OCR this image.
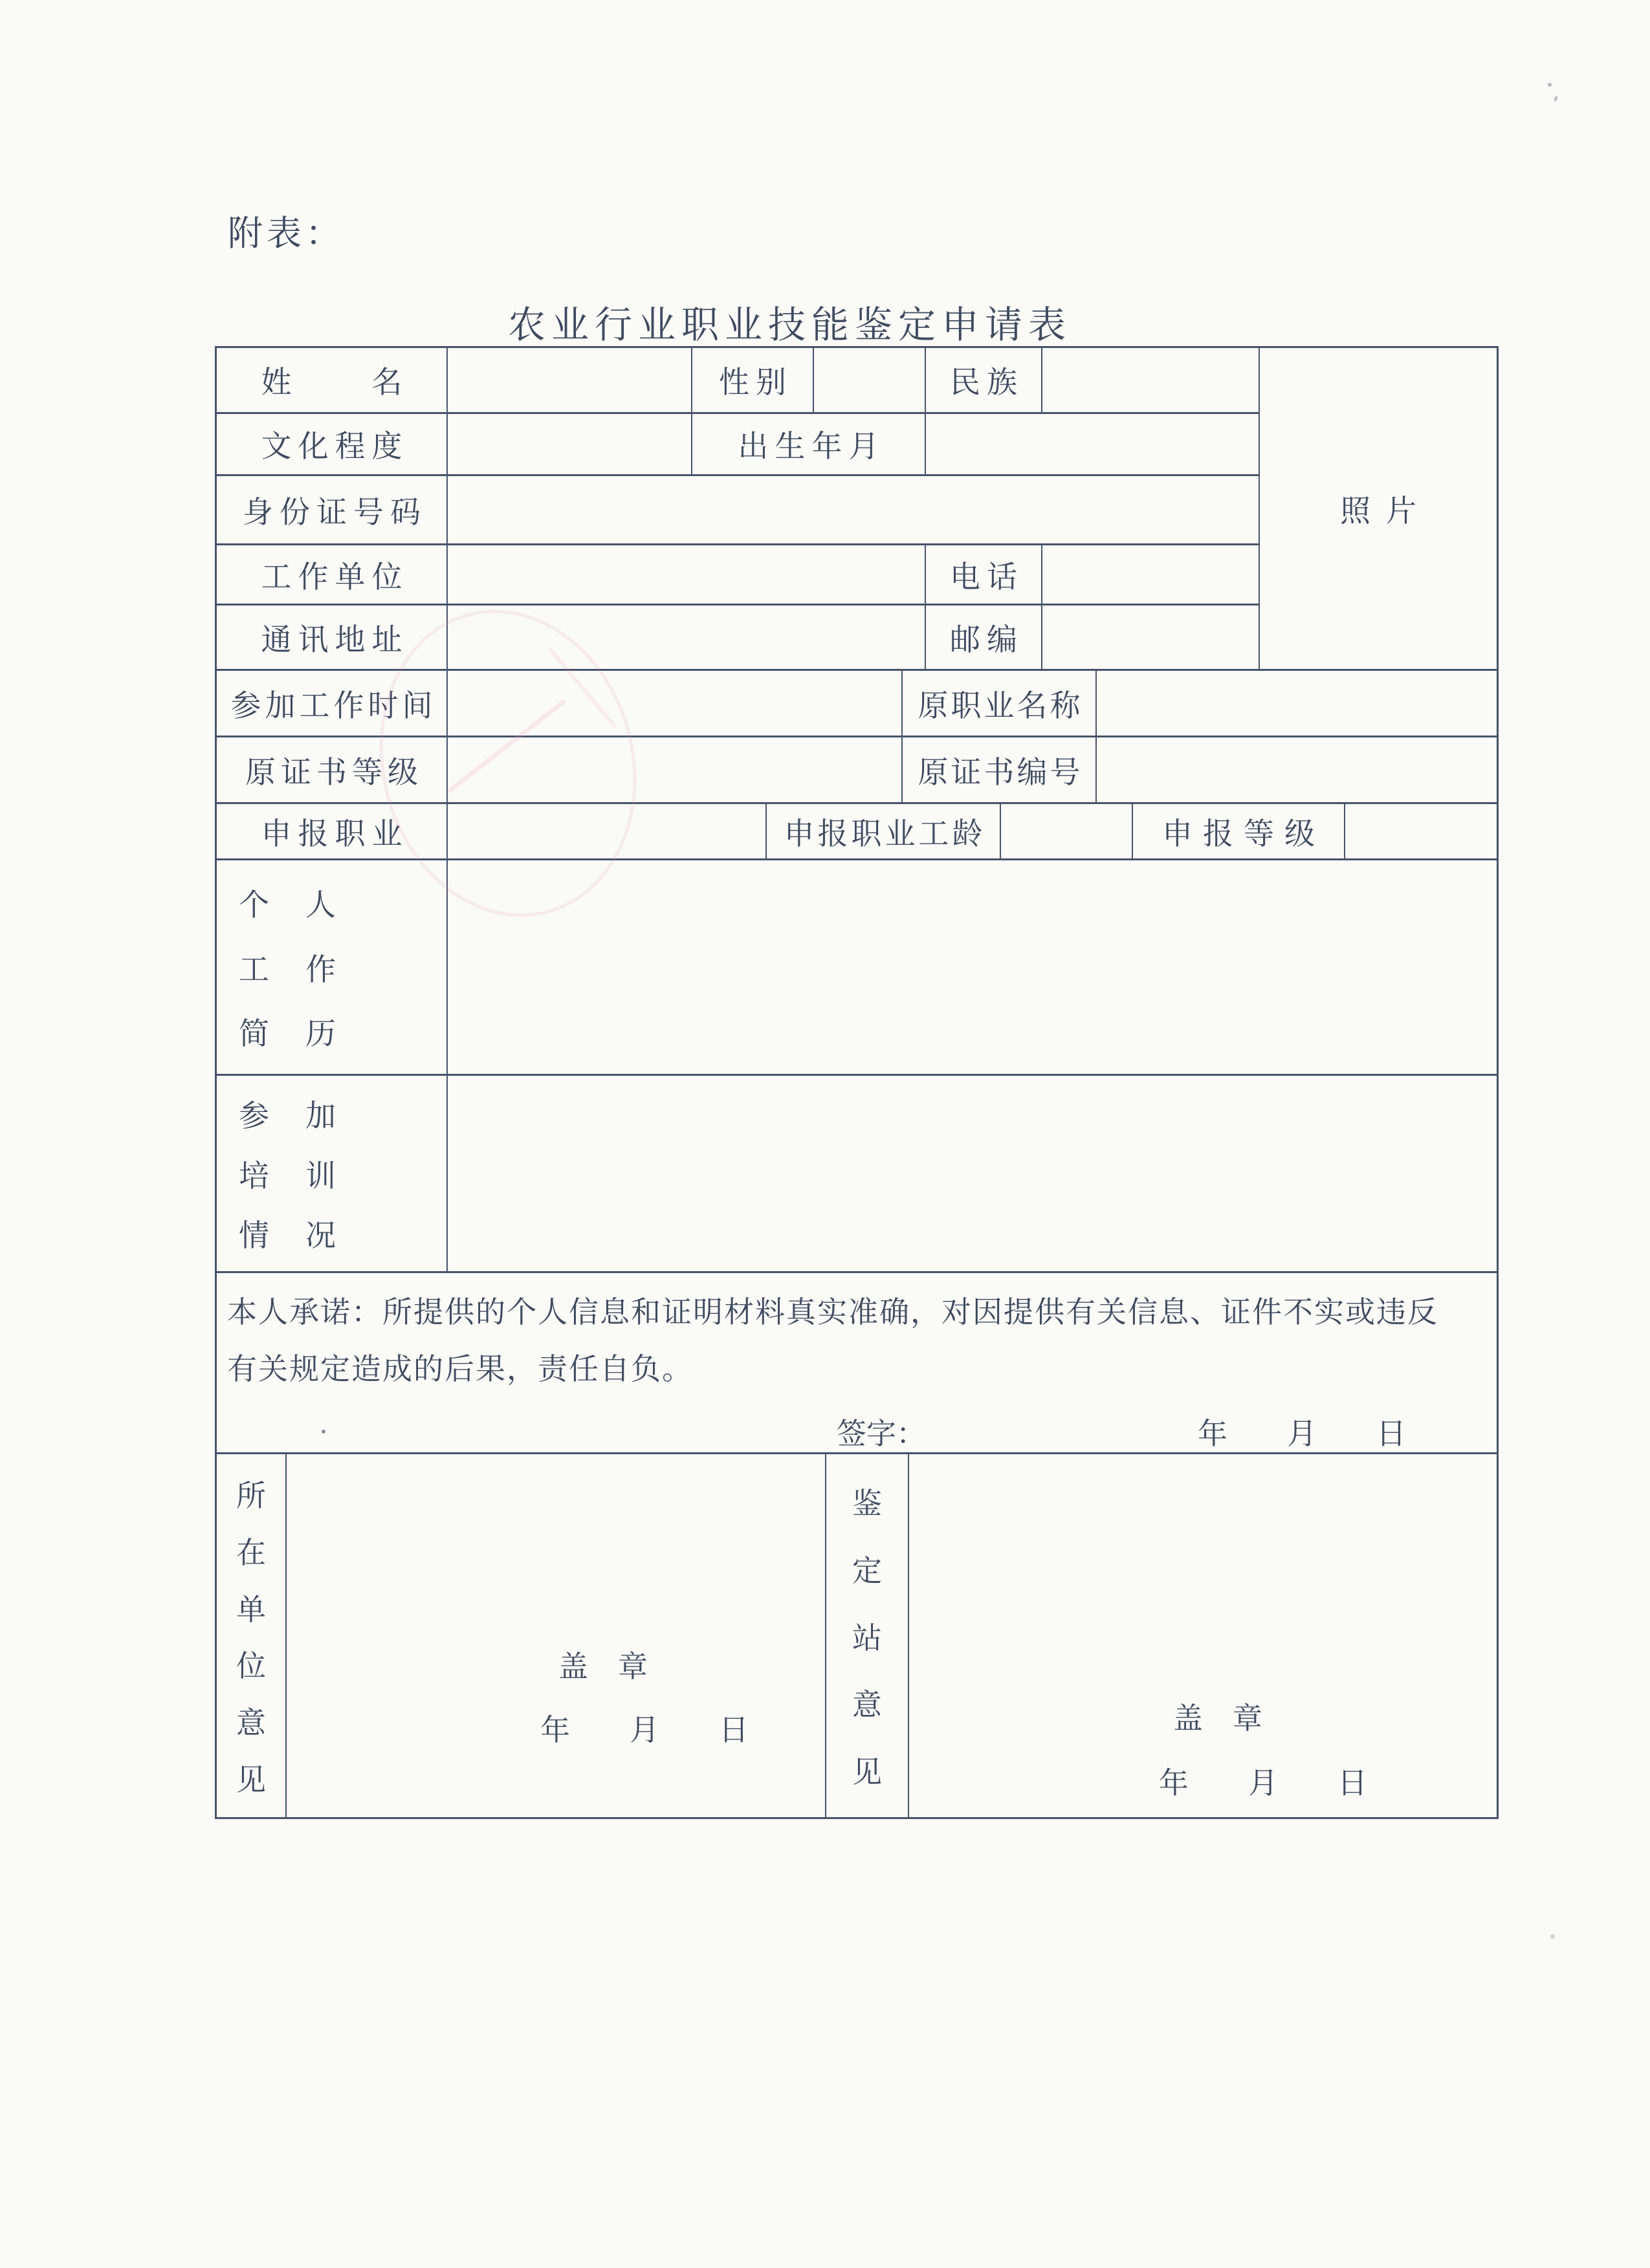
附表：
农业行业职业技能鉴定申请表
姓　　名	性别	民族
照片
文化程度	出生年月
身份证号码
工作单位	电话
通讯地址	邮编
参加工作时间	原职业名称
原证书等级	原证书编号
申报职业	申报职业工龄	申报等级
个人
工作
简历
参加
培训
情况
本人承诺：所提供的个人信息和证明材料真实准确，对因提供有关信息、证件不实或违反
有关规定造成的后果，责任自负。
签字：	年　　月　　日
所
在
单
位
意
见
盖　章
年　　月　　日
鉴
定
站
意
见
盖　章
年　　月　　日
